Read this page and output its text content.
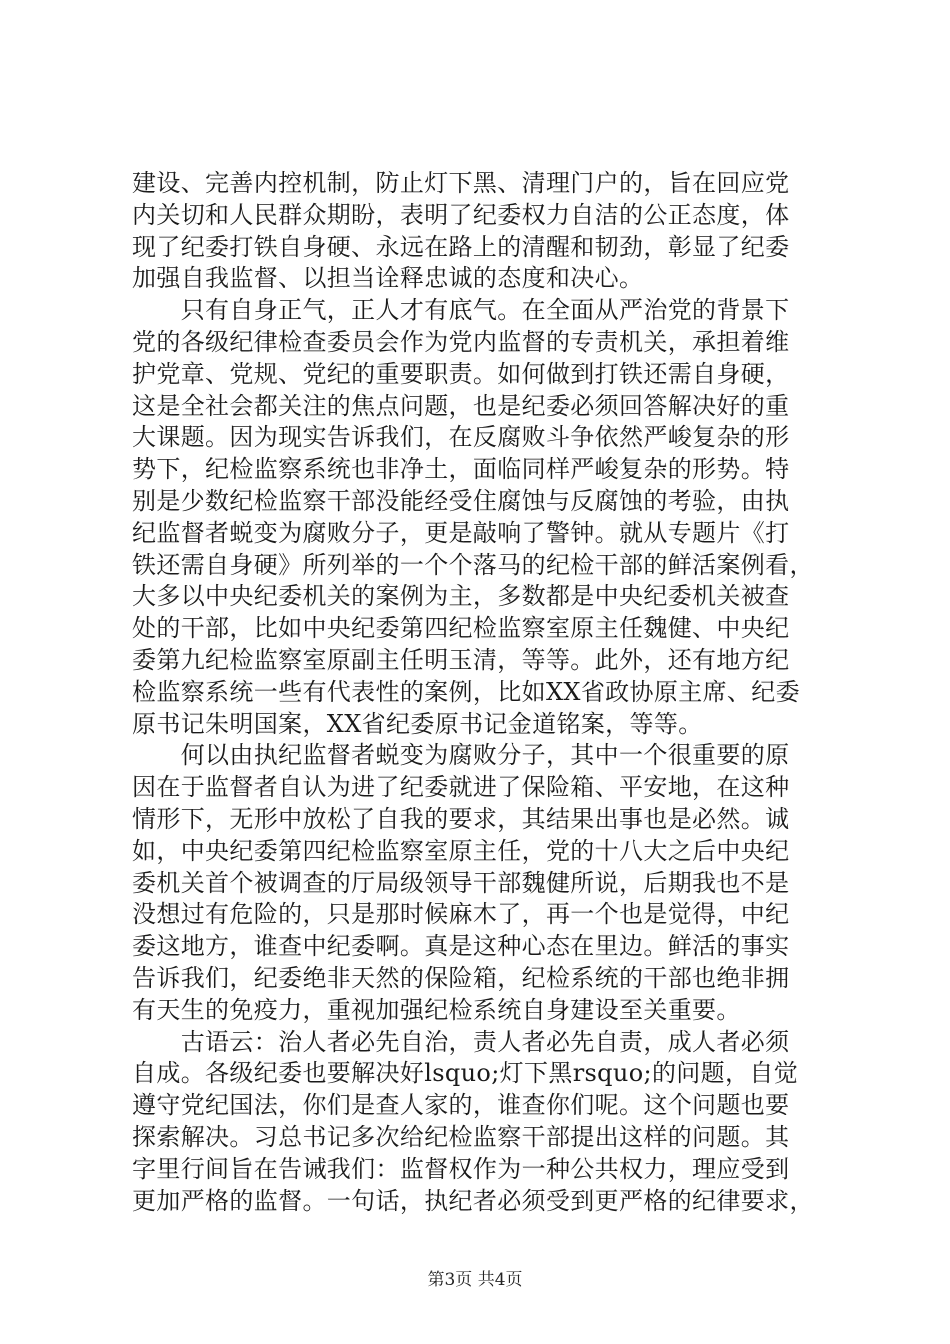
建设、完善内控机制，防止灯下黑、清理门户的，旨在回应党
内关切和人民群众期盼，表明了纪委权力自洁的公正态度，体
现了纪委打铁自身硬、永远在路上的清醒和韧劲，彰显了纪委
加强自我监督、以担当诠释忠诚的态度和决心。
　　只有自身正气，正人才有底气。在全面从严治党的背景下
党的各级纪律检查委员会作为党内监督的专责机关，承担着维
护党章、党规、党纪的重要职责。如何做到打铁还需自身硬，
这是全社会都关注的焦点问题，也是纪委必须回答解决好的重
大课题。因为现实告诉我们，在反腐败斗争依然严峻复杂的形
势下，纪检监察系统也非净土，面临同样严峻复杂的形势。特
别是少数纪检监察干部没能经受住腐蚀与反腐蚀的考验，由执
纪监督者蜕变为腐败分子，更是敲响了警钟。就从专题片《打
铁还需自身硬》所列举的一个个落马的纪检干部的鲜活案例看，
大多以中央纪委机关的案例为主，多数都是中央纪委机关被查
处的干部，比如中央纪委第四纪检监察室原主任魏健、中央纪
委第九纪检监察室原副主任明玉清，等等。此外，还有地方纪
检监察系统一些有代表性的案例，比如XX省政协原主席、纪委
原书记朱明国案，XX省纪委原书记金道铭案，等等。
　　何以由执纪监督者蜕变为腐败分子，其中一个很重要的原
因在于监督者自认为进了纪委就进了保险箱、平安地，在这种
情形下，无形中放松了自我的要求，其结果出事也是必然。诚
如，中央纪委第四纪检监察室原主任，党的十八大之后中央纪
委机关首个被调查的厅局级领导干部魏健所说，后期我也不是
没想过有危险的，只是那时候麻木了，再一个也是觉得，中纪
委这地方，谁查中纪委啊。真是这种心态在里边。鲜活的事实
告诉我们，纪委绝非天然的保险箱，纪检系统的干部也绝非拥
有天生的免疫力，重视加强纪检系统自身建设至关重要。
　　古语云：治人者必先自治，责人者必先自责，成人者必须
自成。各级纪委也要解决好lsquo;灯下黑rsquo;的问题，自觉
遵守党纪国法，你们是查人家的，谁查你们呢。这个问题也要
探索解决。习总书记多次给纪检监察干部提出这样的问题。其
字里行间旨在告诫我们：监督权作为一种公共权力，理应受到
更加严格的监督。一句话，执纪者必须受到更严格的纪律要求，
第3页 共4页
